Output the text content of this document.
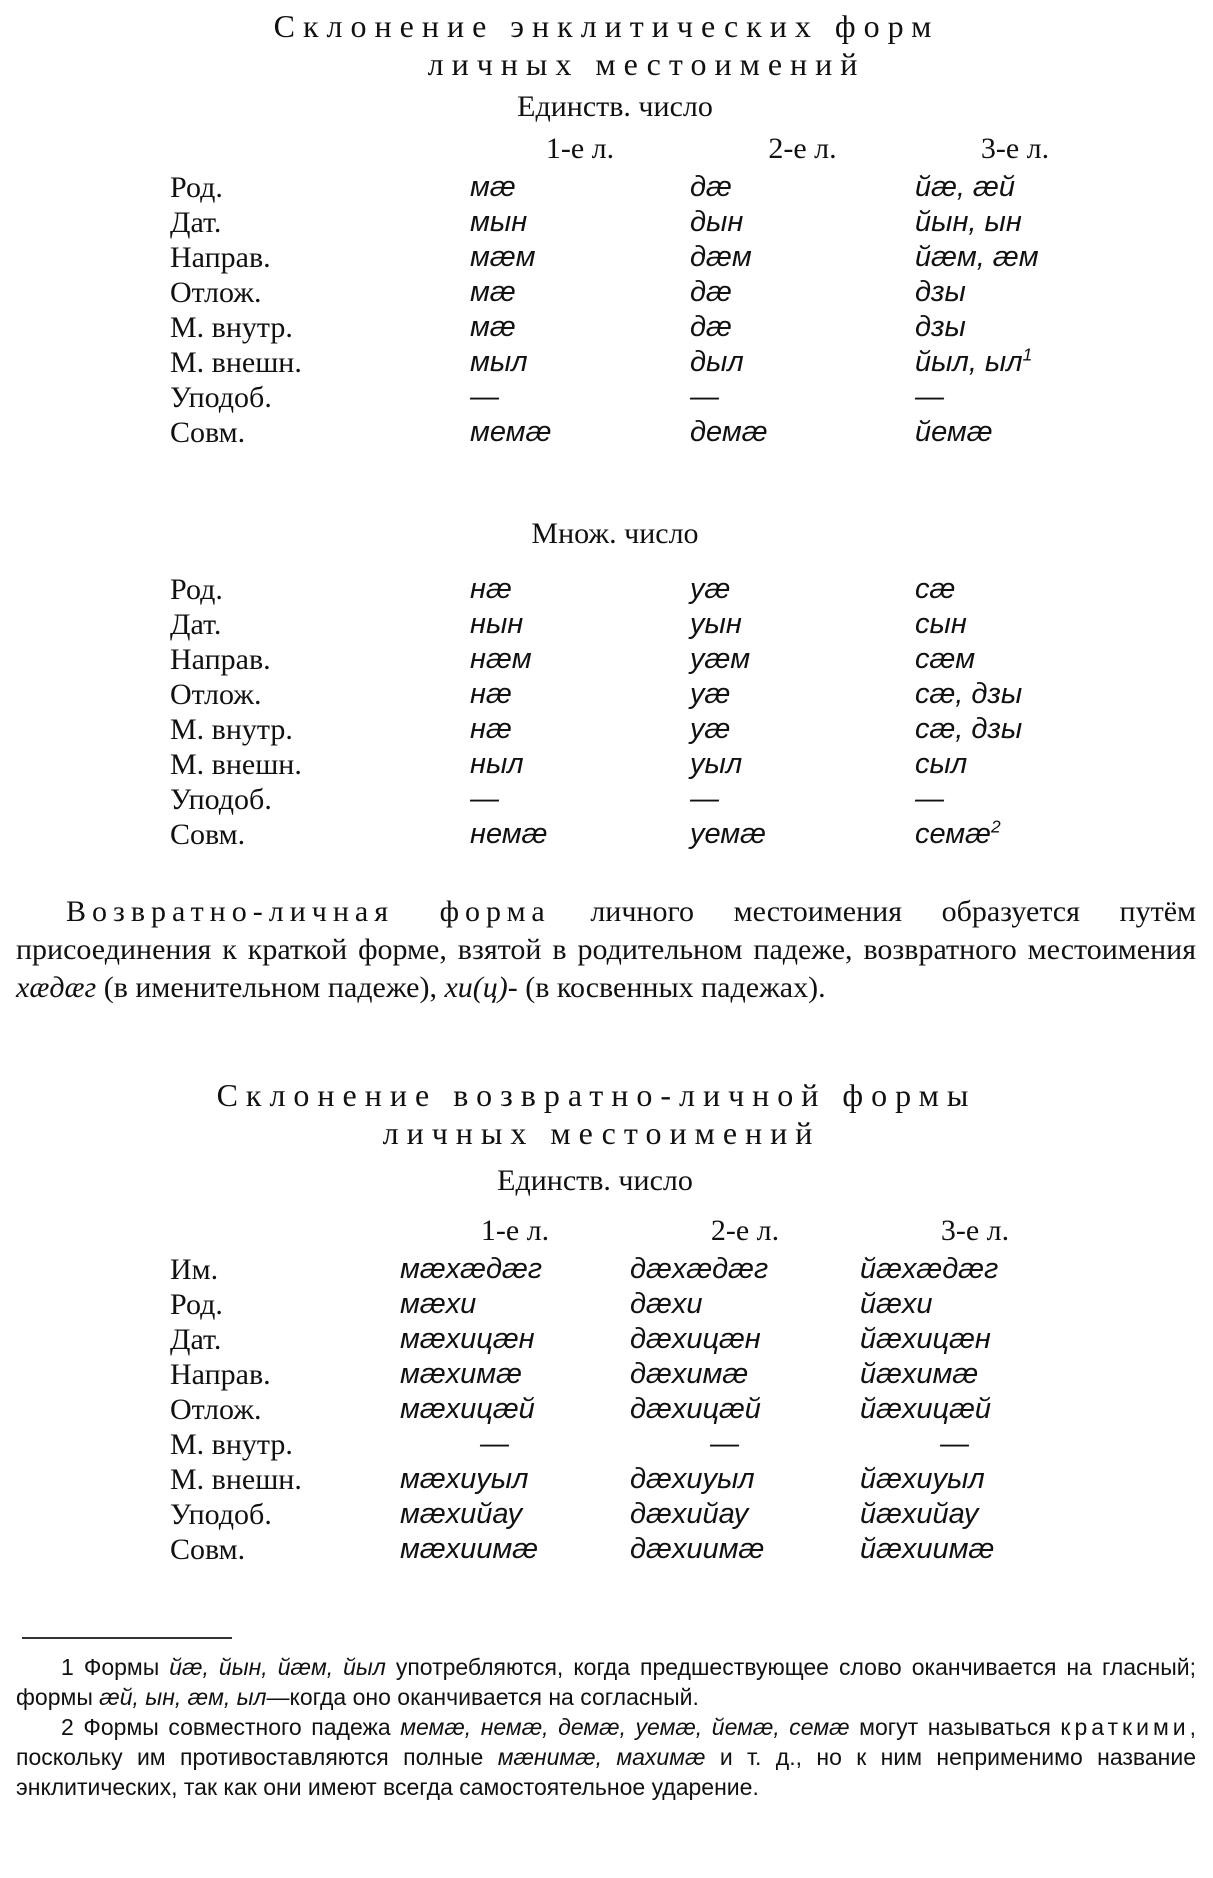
Склонение энклитических форм
личных местоимений
Единств. число
	1-е л.	2-е л.	3-е л.
Род.	мæ	дæ	йæ, æй
Дат.	мын	дын	йын, ын
Направ.	мæм	дæм	йæм, æм
Отлож.	мæ	дæ	дзы
М. внутр.	мæ	дæ	дзы
М. внешн.	мыл	дыл	йыл, $ыл^1$
Уподоб.	—	—	—
Совм.	мемæ	демæ	йемæ
Множ. число
Род.	нæ	уæ	сæ
Дат.	нын	уын	сын
Направ.	нæм	уæм	сæм
Отлож.	нæ	уæ	сæ, дзы
М. внутр.	нæ	уæ	сæ, дзы
М. внешн.	ныл	уыл	сыл
Уподоб.	—	—	—
Совм.	немæ	уемæ	семæ$^2$
Возвратно-личная форма личного местоимения образуется путём присоединения к краткой форме, взятой в родительном падеже, возвратного местоимения хæдæг (в именительном падеже), хи(ц)- (в косвенных падежах).
Склонение возвратно-личной формы
личных местоимений
Единств. число
	1-е л.	2-е л.	3-е л.
Им.	мæхæдæг	дæхæдæг	йæхæдæг
Род.	мæхи	дæхи	йæхи
Дат.	мæхицæн	дæхицæн	йæхицæн
Направ.	мæхимæ	дæхимæ	йæхимæ
Отлож.	мæхицæй	дæхицæй	йæхицæй
М. внутр.	—	—	—
М. внешн.	мæхиуыл	дæхиуыл	йæхиуыл
Уподоб.	мæхийау	дæхийау	йæхийау
Совм.	мæхиимæ	дæхиимæ	йæхиимæ

1 Формы йæ, йын, йæм, йыл употребляются, когда предшествующее слово оканчивается на гласный; формы æй, ын, æм, ыл—когда оно оканчивается на согласный.

2 Формы совместного падежа мемæ, немæ, демæ, уемæ, йемæ, семæ могут называться краткими, поскольку им противоставляются полные мæнимæ, махимæ и т. д., но к ним неприменимо название энклитических, так как они имеют всегда самостоятельное ударение.
